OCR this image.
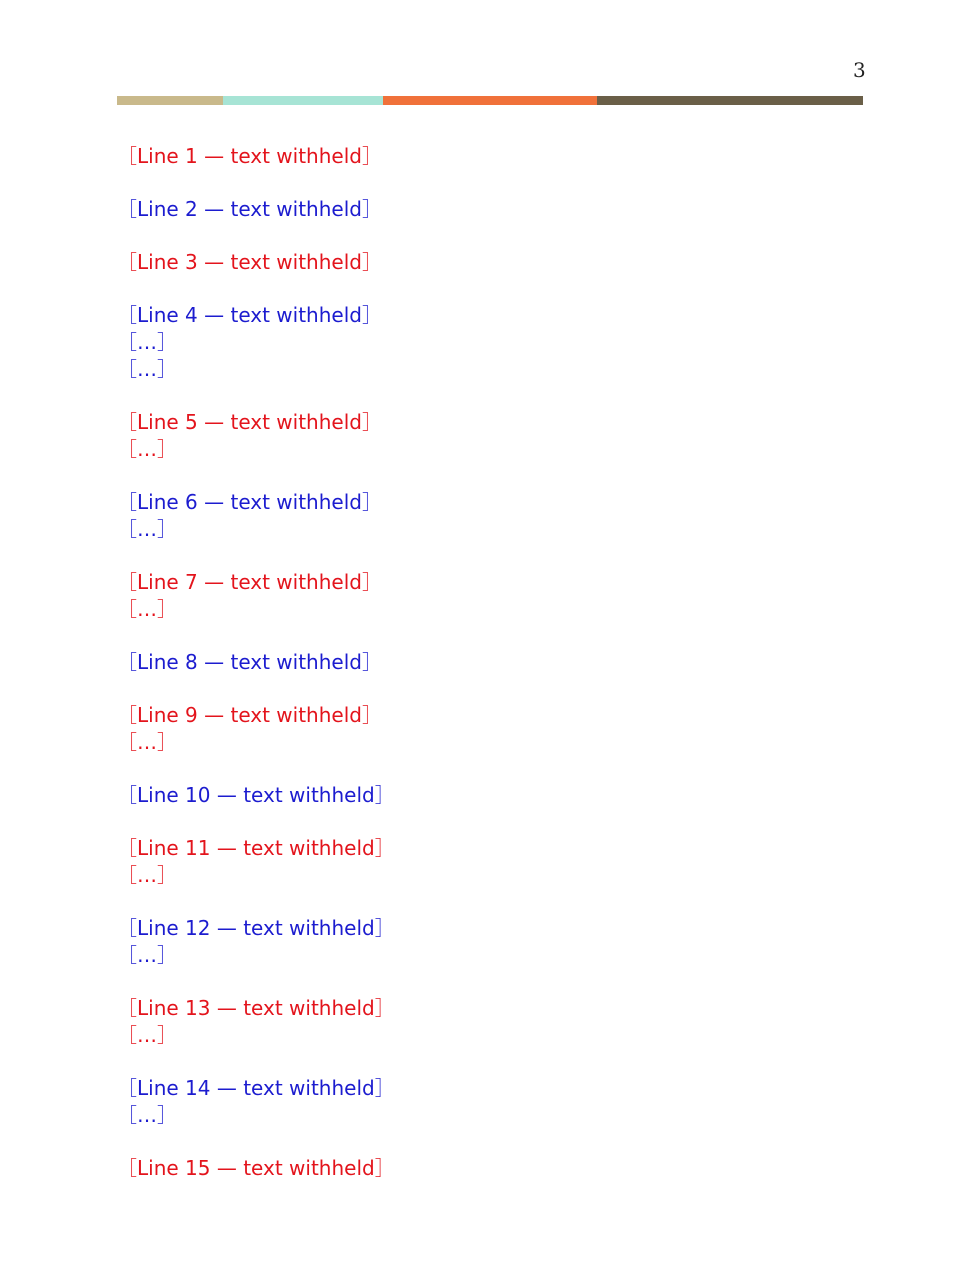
3
［Line 1 — text withheld］
［Line 2 — text withheld］
［Line 3 — text withheld］
［Line 4 — text withheld］
［…］
［…］
［Line 5 — text withheld］
［…］
［Line 6 — text withheld］
［…］
［Line 7 — text withheld］
［…］
［Line 8 — text withheld］
［Line 9 — text withheld］
［…］
［Line 10 — text withheld］
［Line 11 — text withheld］
［…］
［Line 12 — text withheld］
［…］
［Line 13 — text withheld］
［…］
［Line 14 — text withheld］
［…］
［Line 15 — text withheld］
